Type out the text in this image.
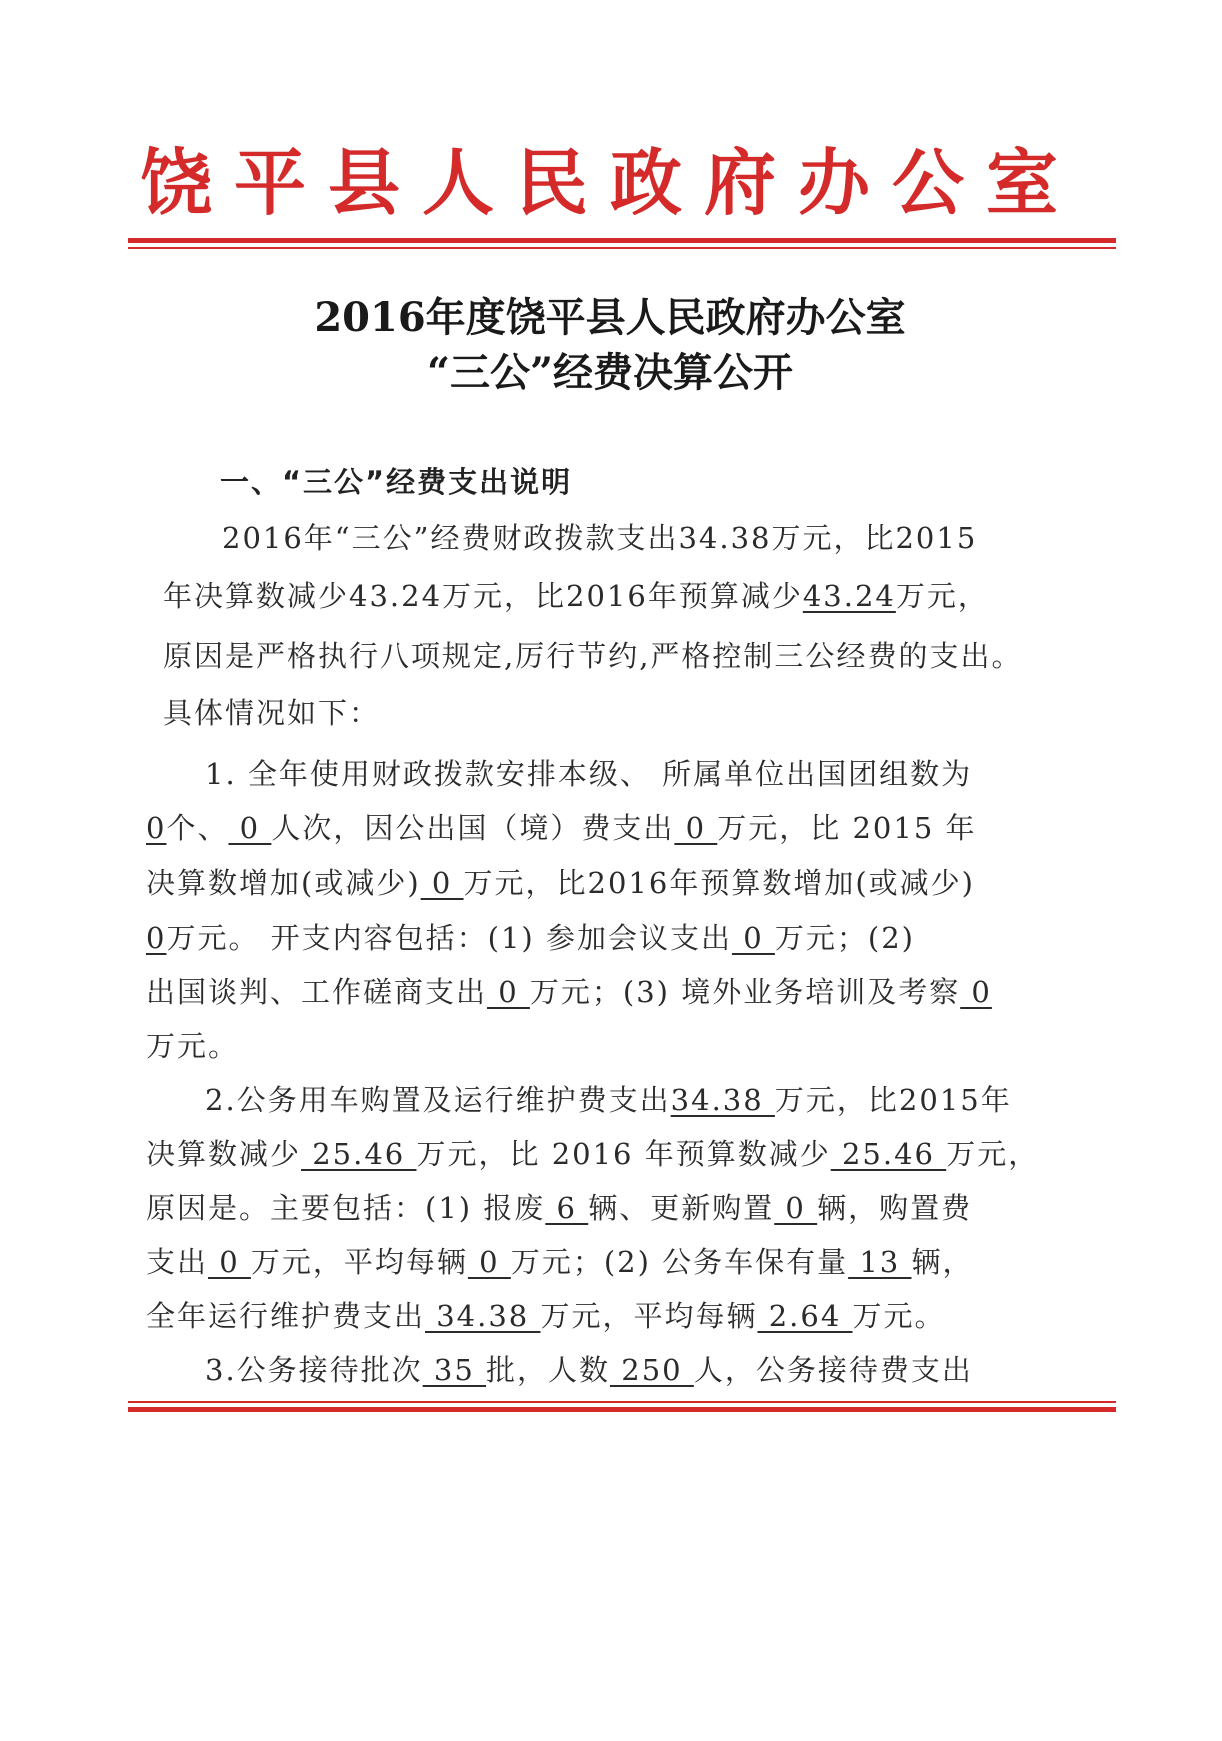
饶平县人民政府办公室
2016年度饶平县人民政府办公室
“三公”经费决算公开
一、“三公”经费支出说明
2016年“三公”经费财政拨款支出34.38万元，比2015
年决算数减少43.24万元，比2016年预算减少43.24万元，
原因是严格执行八项规定,厉行节约,严格控制三公经费的支出。
具体情况如下：
1. 全年使用财政拨款安排本级、 所属单位出国团组数为
0个、 0 人次，因公出国（境）费支出 0 万元，比 2015 年
决算数增加(或减少) 0 万元，比2016年预算数增加(或减少)
0万元。 开支内容包括：(1) 参加会议支出 0 万元；(2)
出国谈判、工作磋商支出 0 万元；(3) 境外业务培训及考察 0
万元。
2.公务用车购置及运行维护费支出34.38 万元，比2015年
决算数减少 25.46 万元，比 2016 年预算数减少 25.46 万元，
原因是。主要包括：(1) 报废 6 辆、更新购置 0 辆，购置费
支出 0 万元，平均每辆 0 万元；(2) 公务车保有量 13 辆，
全年运行维护费支出 34.38 万元，平均每辆 2.64 万元。
3.公务接待批次 35 批，人数 250 人，公务接待费支出
